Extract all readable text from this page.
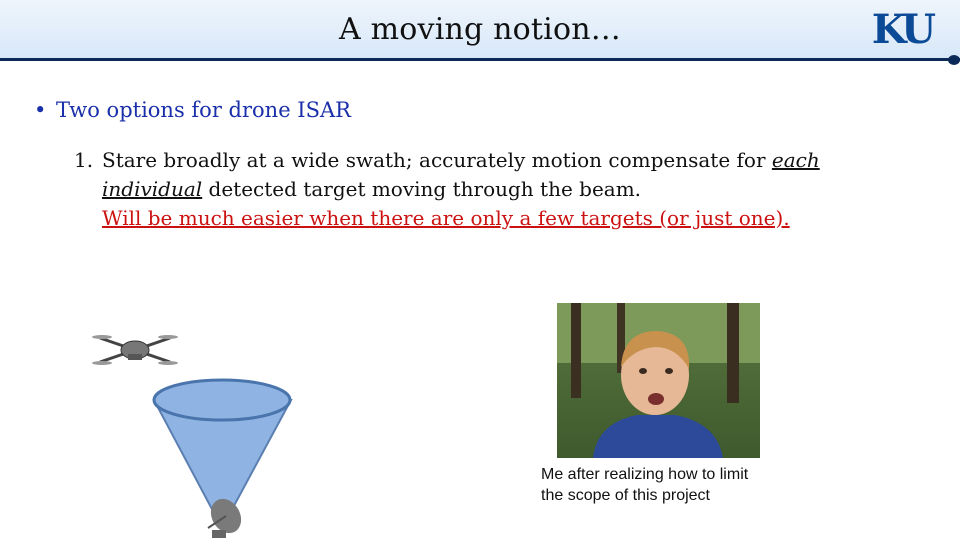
A moving notion…	KU
• Two options for drone ISAR
1. Stare broadly at a wide swath; accurately motion compensate for each
individual detected target moving through the beam.
Will be much easier when there are only a few targets (or just one).
Me after realizing how to limit
the scope of this project
